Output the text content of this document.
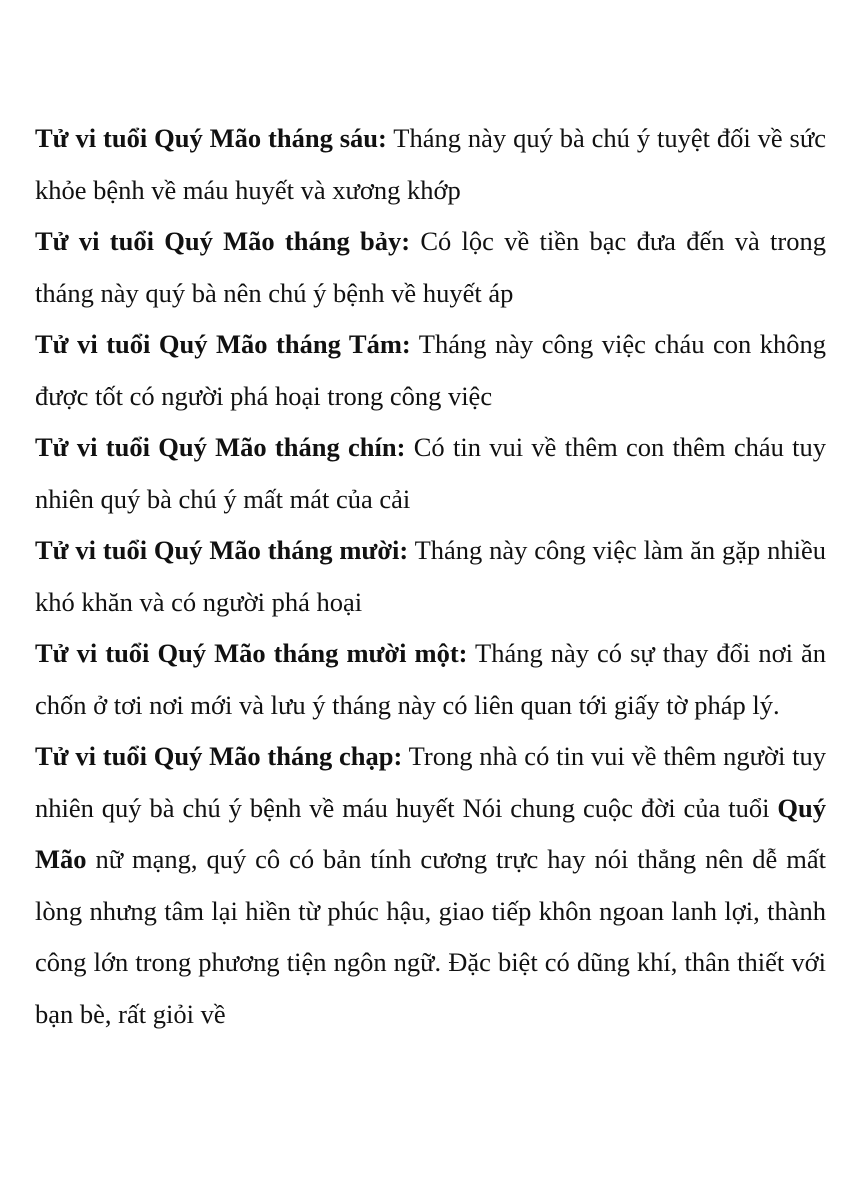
Tử vi tuổi Quý Mão tháng sáu: Tháng này quý bà chú ý tuyệt đối về sức khỏe bệnh về máu huyết và xương khớp

Tử vi tuổi Quý Mão tháng bảy: Có lộc về tiền bạc đưa đến và trong tháng này quý bà nên chú ý bệnh về huyết áp

Tử vi tuổi Quý Mão tháng Tám: Tháng này công việc cháu con không được tốt có người phá hoại trong công việc

Tử vi tuổi Quý Mão tháng chín: Có tin vui về thêm con thêm cháu tuy nhiên quý bà chú ý mất mát của cải

Tử vi tuổi Quý Mão tháng mười: Tháng này công việc làm ăn gặp nhiều khó khăn và có người phá hoại

Tử vi tuổi Quý Mão tháng mười một: Tháng này có sự thay đổi nơi ăn chốn ở tơi nơi mới và lưu ý tháng này có liên quan tới giấy tờ pháp lý.

Tử vi tuổi Quý Mão tháng chạp: Trong nhà có tin vui về thêm người tuy nhiên quý bà chú ý bệnh về máu huyết Nói chung cuộc đời của tuổi Quý Mão nữ mạng, quý cô có bản tính cương trực hay nói thẳng nên dễ mất lòng nhưng tâm lại hiền từ phúc hậu, giao tiếp khôn ngoan lanh lợi, thành công lớn trong phương tiện ngôn ngữ. Đặc biệt có dũng khí, thân thiết với bạn bè, rất giỏi về
